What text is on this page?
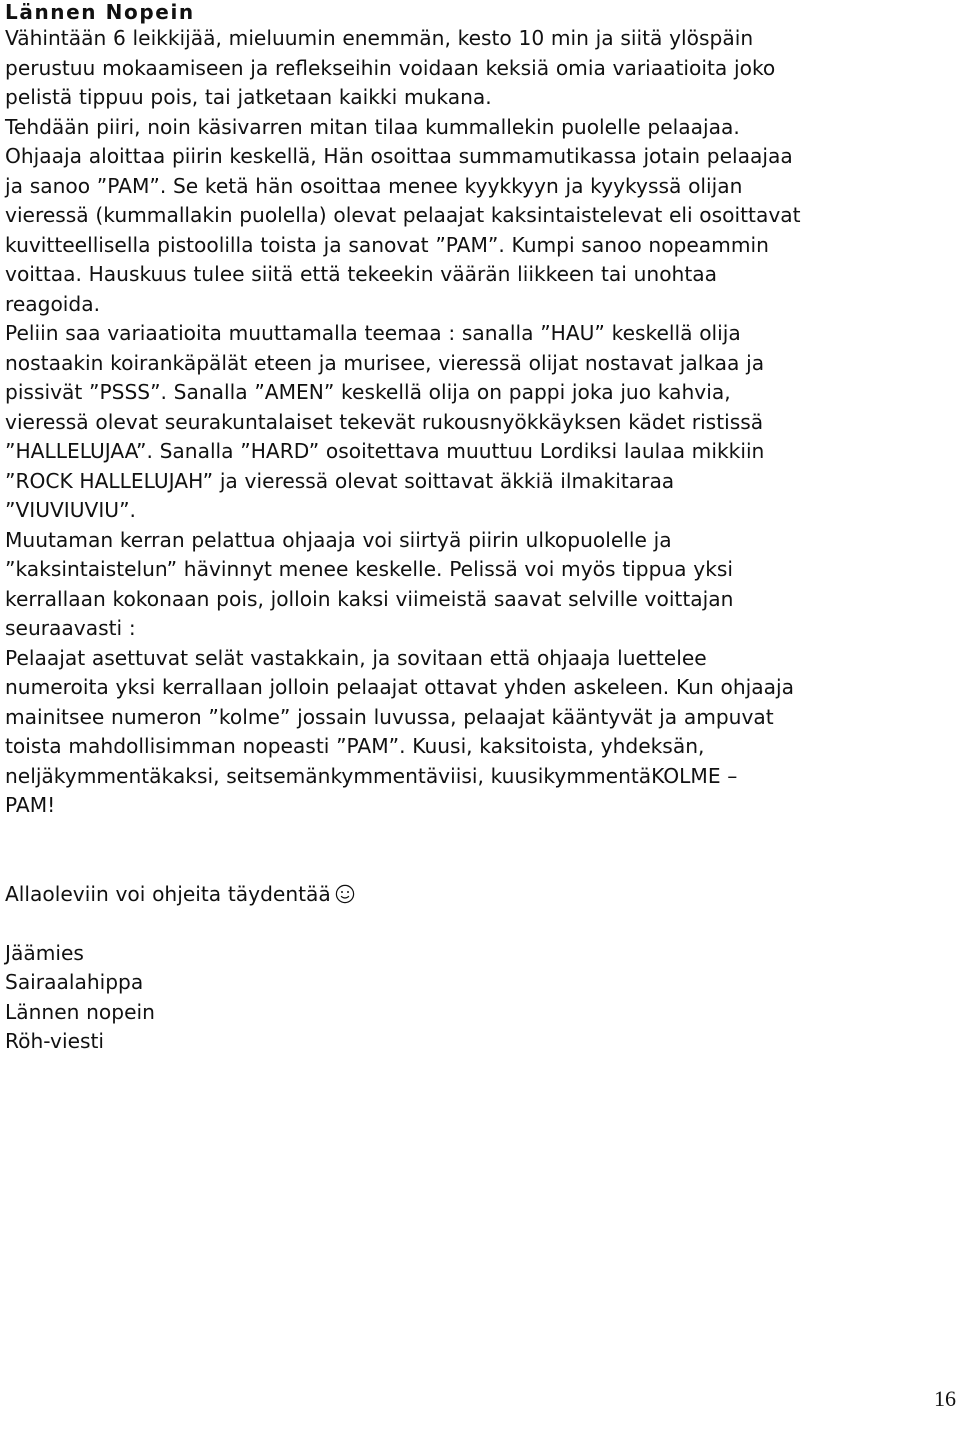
Lännen Nopein
Vähintään 6 leikkijää, mieluumin enemmän, kesto 10 min ja siitä ylöspäin
perustuu mokaamiseen ja reflekseihin voidaan keksiä omia variaatioita joko
pelistä tippuu pois, tai jatketaan kaikki mukana.
Tehdään piiri, noin käsivarren mitan tilaa kummallekin puolelle pelaajaa.
Ohjaaja aloittaa piirin keskellä, Hän osoittaa summamutikassa jotain pelaajaa
ja sanoo ”PAM”. Se ketä hän osoittaa menee kyykkyyn ja kyykyssä olijan
vieressä (kummallakin puolella) olevat pelaajat kaksintaistelevat eli osoittavat
kuvitteellisella pistoolilla toista ja sanovat ”PAM”. Kumpi sanoo nopeammin
voittaa. Hauskuus tulee siitä että tekeekin väärän liikkeen tai unohtaa
reagoida.
Peliin saa variaatioita muuttamalla teemaa : sanalla ”HAU” keskellä olija
nostaakin koirankäpälät eteen ja murisee, vieressä olijat nostavat jalkaa ja
pissivät ”PSSS”. Sanalla ”AMEN” keskellä olija on pappi joka juo kahvia,
vieressä olevat seurakuntalaiset tekevät rukousnyökkäyksen kädet ristissä
”HALLELUJAA”. Sanalla ”HARD” osoitettava muuttuu Lordiksi laulaa mikkiin
”ROCK HALLELUJAH” ja vieressä olevat soittavat äkkiä ilmakitaraa
”VIUVIUVIU”.
Muutaman kerran pelattua ohjaaja voi siirtyä piirin ulkopuolelle ja
”kaksintaistelun” hävinnyt menee keskelle. Pelissä voi myös tippua yksi
kerrallaan kokonaan pois, jolloin kaksi viimeistä saavat selville voittajan
seuraavasti :
Pelaajat asettuvat selät vastakkain, ja sovitaan että ohjaaja luettelee
numeroita yksi kerrallaan jolloin pelaajat ottavat yhden askeleen. Kun ohjaaja
mainitsee numeron ”kolme” jossain luvussa, pelaajat kääntyvät ja ampuvat
toista mahdollisimman nopeasti ”PAM”. Kuusi, kaksitoista, yhdeksän,
neljäkymmentäkaksi, seitsemänkymmentäviisi, kuusikymmentäKOLME –
PAM!
Allaoleviin voi ohjeita täydentää
Jäämies
Sairaalahippa
Lännen nopein
Röh-viesti
16
